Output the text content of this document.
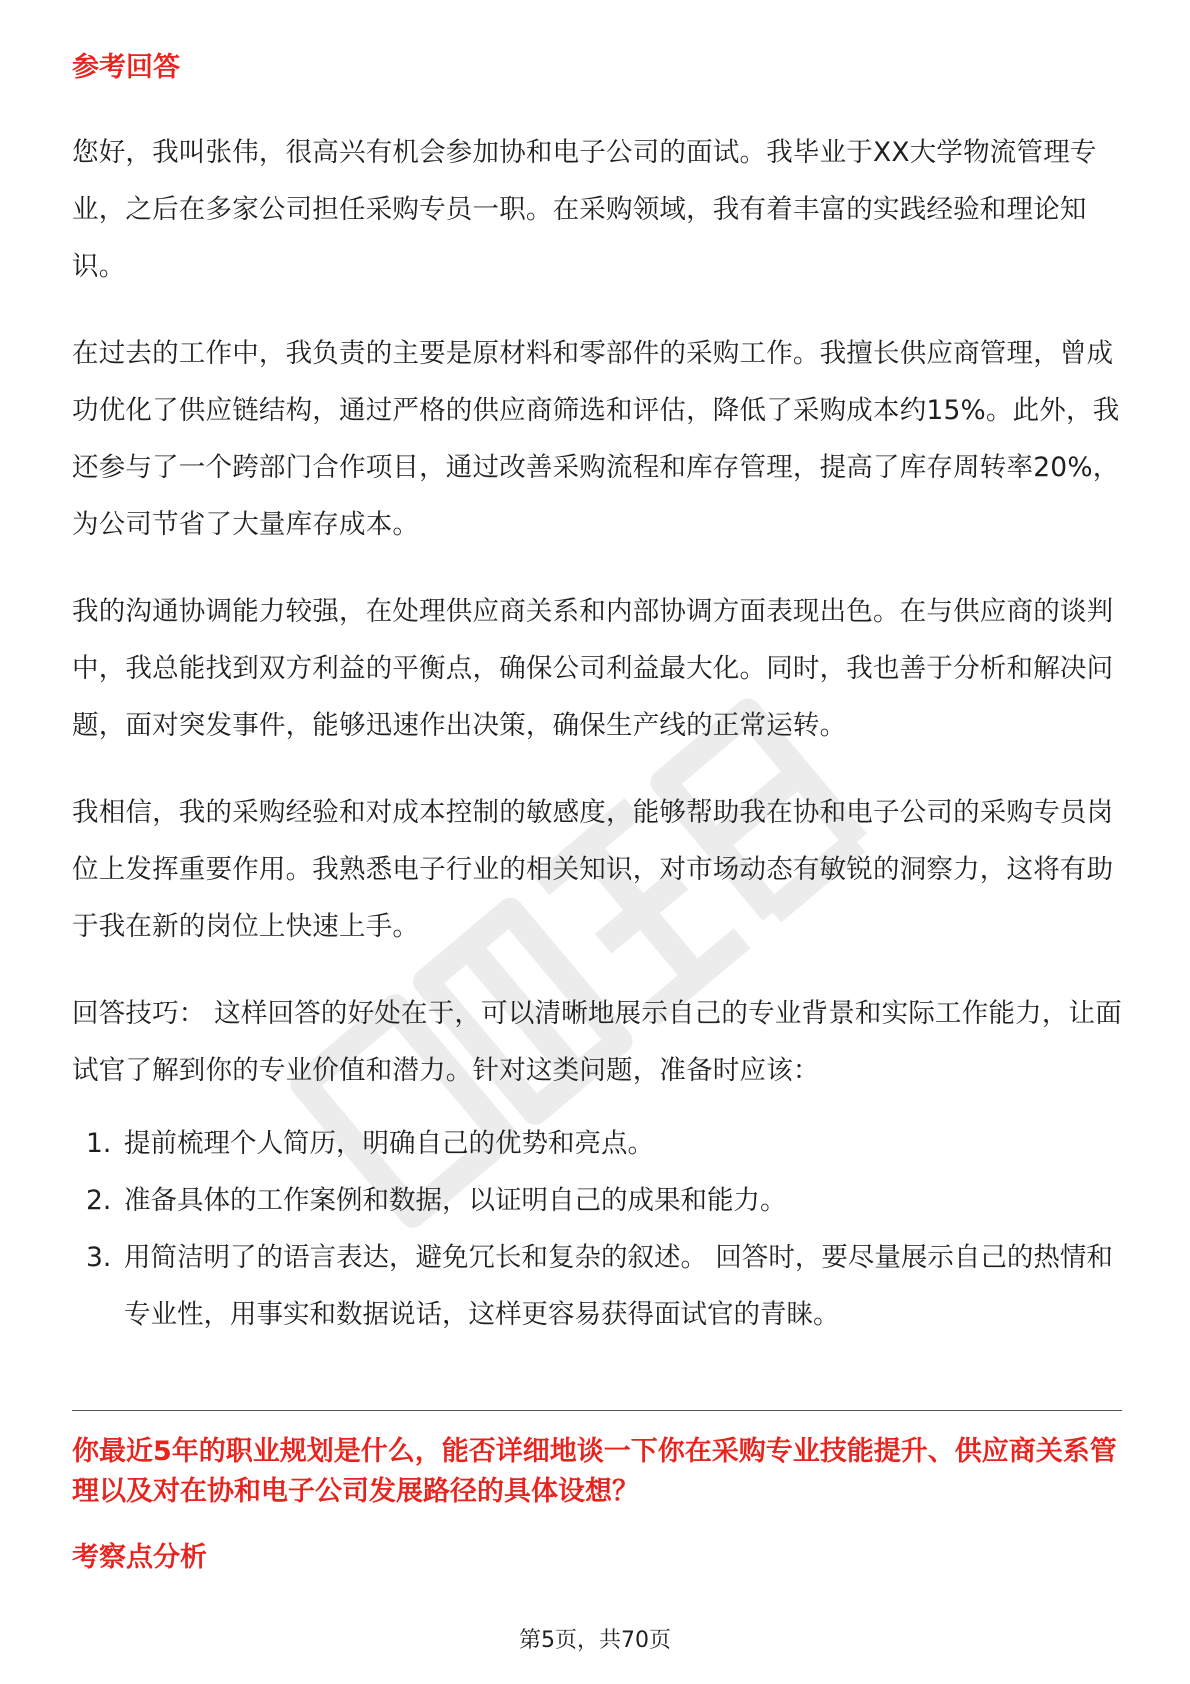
参考回答

您好，我叫张伟，很高兴有机会参加协和电子公司的面试。我毕业于XX大学物流管理专业，之后在多家公司担任采购专员一职。在采购领域，我有着丰富的实践经验和理论知识。

在过去的工作中，我负责的主要是原材料和零部件的采购工作。我擅长供应商管理，曾成功优化了供应链结构，通过严格的供应商筛选和评估，降低了采购成本约15%。此外，我还参与了一个跨部门合作项目，通过改善采购流程和库存管理，提高了库存周转率20%，为公司节省了大量库存成本。

我的沟通协调能力较强，在处理供应商关系和内部协调方面表现出色。在与供应商的谈判中，我总能找到双方利益的平衡点，确保公司利益最大化。同时，我也善于分析和解决问题，面对突发事件，能够迅速作出决策，确保生产线的正常运转。

我相信，我的采购经验和对成本控制的敏感度，能够帮助我在协和电子公司的采购专员岗位上发挥重要作用。我熟悉电子行业的相关知识，对市场动态有敏锐的洞察力，这将有助于我在新的岗位上快速上手。

回答技巧： 这样回答的好处在于，可以清晰地展示自己的专业背景和实际工作能力，让面试官了解到你的专业价值和潜力。针对这类问题，准备时应该：

1. 提前梳理个人简历，明确自己的优势和亮点。
2. 准备具体的工作案例和数据，以证明自己的成果和能力。
3. 用简洁明了的语言表达，避免冗长和复杂的叙述。 回答时，要尽量展示自己的热情和专业性，用事实和数据说话，这样更容易获得面试官的青睐。
你最近5年的职业规划是什么，能否详细地谈一下你在采购专业技能提升、供应商关系管理以及对在协和电子公司发展路径的具体设想？
考察点分析
第5页，共70页
